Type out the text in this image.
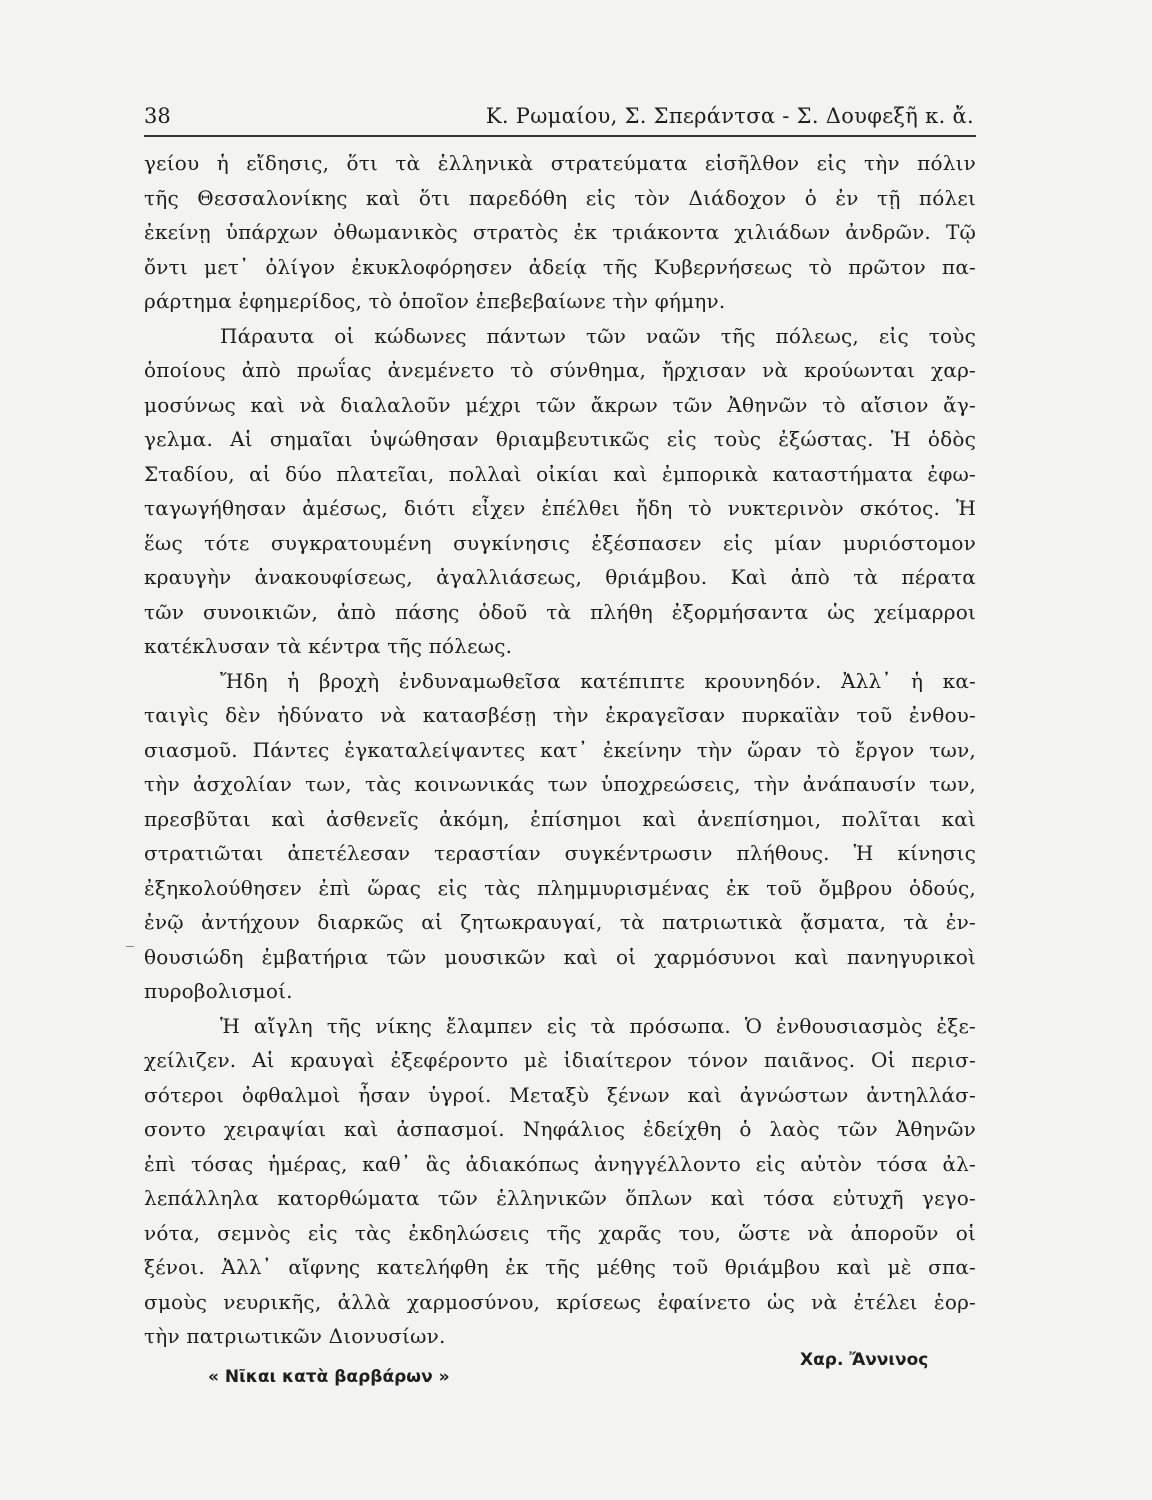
38	Κ. Ρωμαίου, Σ. Σπεράντσα - Σ. Δουφεξῆ κ. ἄ.
γείου ἡ εἴδησις, ὅτι τὰ ἑλληνικὰ στρατεύματα εἰσῆλθον εἰς τὴν πόλιν
τῆς Θεσσαλονίκης καὶ ὅτι παρεδόθη εἰς τὸν Διάδοχον ὁ ἐν τῇ πόλει
ἐκείνῃ ὑπάρχων ὀθωμανικὸς στρατὸς ἐκ τριάκοντα χιλιάδων ἀνδρῶν. Τῷ
ὄντι μετ᾽ ὀλίγον ἐκυκλοφόρησεν ἀδείᾳ τῆς Κυβερνήσεως τὸ πρῶτον πα-
ράρτημα ἐφημερίδος, τὸ ὁποῖον ἐπεβεβαίωνε τὴν φήμην.
Πάραυτα οἱ κώδωνες πάντων τῶν ναῶν τῆς πόλεως, εἰς τοὺς
ὁποίους ἀπὸ πρωΐας ἀνεμένετο τὸ σύνθημα, ἤρχισαν νὰ κρούωνται χαρ-
μοσύνως καὶ νὰ διαλαλοῦν μέχρι τῶν ἄκρων τῶν Ἀθηνῶν τὸ αἴσιον ἄγ-
γελμα. Αἱ σημαῖαι ὑψώθησαν θριαμβευτικῶς εἰς τοὺς ἐξώστας. Ἡ ὁδὸς
Σταδίου, αἱ δύο πλατεῖαι, πολλαὶ οἰκίαι καὶ ἐμπορικὰ καταστήματα ἐφω-
ταγωγήθησαν ἀμέσως, διότι εἶχεν ἐπέλθει ἤδη τὸ νυκτερινὸν σκότος. Ἡ
ἕως τότε συγκρατουμένη συγκίνησις ἐξέσπασεν εἰς μίαν μυριόστομον
κραυγὴν ἀνακουφίσεως, ἀγαλλιάσεως, θριάμβου. Καὶ ἀπὸ τὰ πέρατα
τῶν συνοικιῶν, ἀπὸ πάσης ὁδοῦ τὰ πλήθη ἐξορμήσαντα ὡς χείμαρροι
κατέκλυσαν τὰ κέντρα τῆς πόλεως.
Ἤδη ἡ βροχὴ ἐνδυναμωθεῖσα κατέπιπτε κρουνηδόν. Ἀλλ᾽ ἡ κα-
ταιγὶς δὲν ἠδύνατο νὰ κατασβέσῃ τὴν ἐκραγεῖσαν πυρκαϊὰν τοῦ ἐνθου-
σιασμοῦ. Πάντες ἐγκαταλείψαντες κατ᾽ ἐκείνην τὴν ὥραν τὸ ἔργον των,
τὴν ἀσχολίαν των, τὰς κοινωνικάς των ὑποχρεώσεις, τὴν ἀνάπαυσίν των,
πρεσβῦται καὶ ἀσθενεῖς ἀκόμη, ἐπίσημοι καὶ ἀνεπίσημοι, πολῖται καὶ
στρατιῶται ἀπετέλεσαν τεραστίαν συγκέντρωσιν πλήθους. Ἡ κίνησις
ἐξηκολούθησεν ἐπὶ ὥρας εἰς τὰς πλημμυρισμένας ἐκ τοῦ ὄμβρου ὁδούς,
ἐνῷ ἀντήχουν διαρκῶς αἱ ζητωκραυγαί, τὰ πατριωτικὰ ᾄσματα, τὰ ἐν-
θουσιώδη ἐμβατήρια τῶν μουσικῶν καὶ οἱ χαρμόσυνοι καὶ πανηγυρικοὶ
πυροβολισμοί.
Ἡ αἴγλη τῆς νίκης ἔλαμπεν εἰς τὰ πρόσωπα. Ὁ ἐνθουσιασμὸς ἐξε-
χείλιζεν. Αἱ κραυγαὶ ἐξεφέροντο μὲ ἰδιαίτερον τόνον παιᾶνος. Οἱ περισ-
σότεροι ὀφθαλμοὶ ἦσαν ὑγροί. Μεταξὺ ξένων καὶ ἀγνώστων ἀντηλλάσ-
σοντο χειραψίαι καὶ ἀσπασμοί. Νηφάλιος ἐδείχθη ὁ λαὸς τῶν Ἀθηνῶν
ἐπὶ τόσας ἡμέρας, καθ᾽ ἃς ἀδιακόπως ἀνηγγέλλοντο εἰς αὐτὸν τόσα ἀλ-
λεπάλληλα κατορθώματα τῶν ἑλληνικῶν ὅπλων καὶ τόσα εὐτυχῆ γεγο-
νότα, σεμνὸς εἰς τὰς ἐκδηλώσεις τῆς χαρᾶς του, ὥστε νὰ ἀποροῦν οἱ
ξένοι. Ἀλλ᾽ αἴφνης κατελήφθη ἐκ τῆς μέθης τοῦ θριάμβου καὶ μὲ σπα-
σμοὺς νευρικῆς, ἀλλὰ χαρμοσύνου, κρίσεως ἐφαίνετο ὡς νὰ ἐτέλει ἑορ-
τὴν πατριωτικῶν Διονυσίων.
Χαρ. Ἄννινος
« Νῖκαι κατὰ βαρβάρων »
